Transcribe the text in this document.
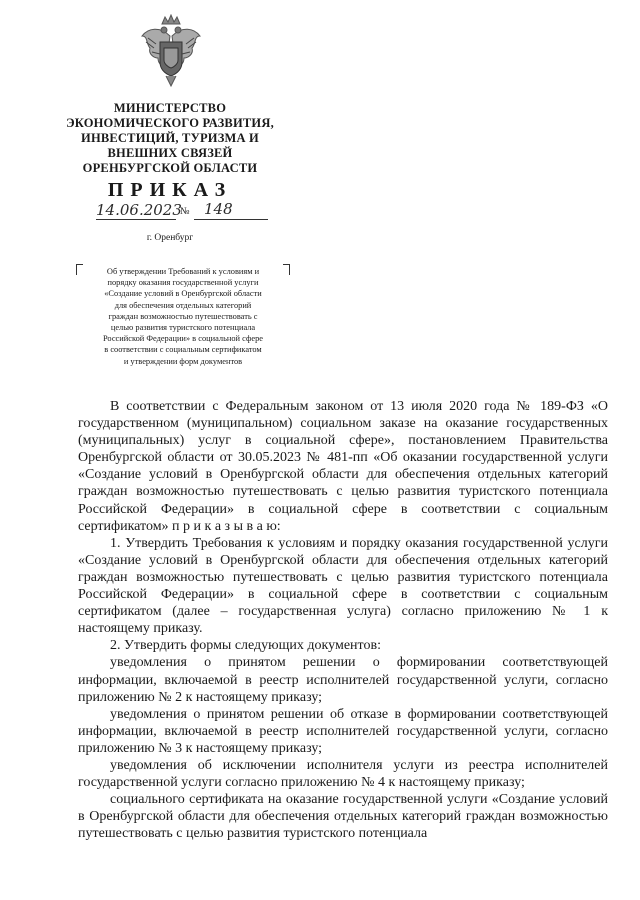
МИНИСТЕРСТВО
ЭКОНОМИЧЕСКОГО РАЗВИТИЯ,
ИНВЕСТИЦИЙ, ТУРИЗМА И
ВНЕШНИХ СВЯЗЕЙ
ОРЕНБУРГСКОЙ ОБЛАСТИ
ПРИКАЗ
14.06.2023
№ 148
г. Оренбург
Об утверждении Требований к условиям и
порядку оказания государственной услуги
«Создание условий в Оренбургской области
для обеспечения отдельных категорий
граждан возможностью путешествовать с
целью развития туристского потенциала
Российской Федерации» в социальной сфере
в соответствии с социальным сертификатом
и утверждении форм документов

В соответствии с Федеральным законом от 13 июля 2020 года № 189-ФЗ «О государственном (муниципальном) социальном заказе на оказание государственных (муниципальных) услуг в социальной сфере», постановлением Правительства Оренбургской области от 30.05.2023 № 481-пп «Об оказании государственной услуги «Создание условий в Оренбургской области для обеспечения отдельных категорий граждан возможностью путешествовать с целью развития туристского потенциала Российской Федерации» в социальной сфере в соответствии с социальным сертификатом» п р и к а з ы в а ю:

1. Утвердить Требования к условиям и порядку оказания государственной услуги «Создание условий в Оренбургской области для обеспечения отдельных категорий граждан возможностью путешествовать с целью развития туристского потенциала Российской Федерации» в социальной сфере в соответствии с социальным сертификатом (далее – государственная услуга) согласно приложению № 1 к настоящему приказу.

2. Утвердить формы следующих документов:

уведомления о принятом решении о формировании соответствующей информации, включаемой в реестр исполнителей государственной услуги, согласно приложению № 2 к настоящему приказу;

уведомления о принятом решении об отказе в формировании соответствующей информации, включаемой в реестр исполнителей государственной услуги, согласно приложению № 3 к настоящему приказу;

уведомления об исключении исполнителя услуги из реестра исполнителей государственной услуги согласно приложению № 4 к настоящему приказу;

социального сертификата на оказание государственной услуги «Создание условий в Оренбургской области для обеспечения отдельных категорий граждан возможностью путешествовать с целью развития туристского потенциала
